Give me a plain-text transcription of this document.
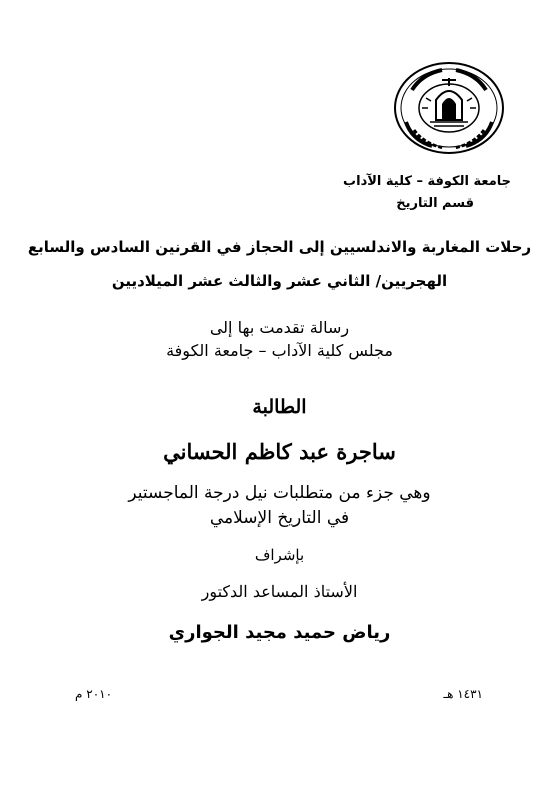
جامعة الكوفة – كلية الآداب
قسم التاريخ
رحلات المغاربة والاندلسيين إلى الحجاز في القرنين السادس والسابع
الهجريين/ الثاني عشر والثالث عشر الميلاديين
رسالة تقدمت بها إلى
مجلس كلية الآداب – جامعة الكوفة
الطالبة
ساجرة عبد كاظم الحساني
وهي جزء من متطلبات نيل درجة الماجستير
في التاريخ الإسلامي
بإشراف
الأستاذ المساعد الدكتور
رياض حميد مجيد الجواري
١٤٣١ هـ
٢٠١٠ م
